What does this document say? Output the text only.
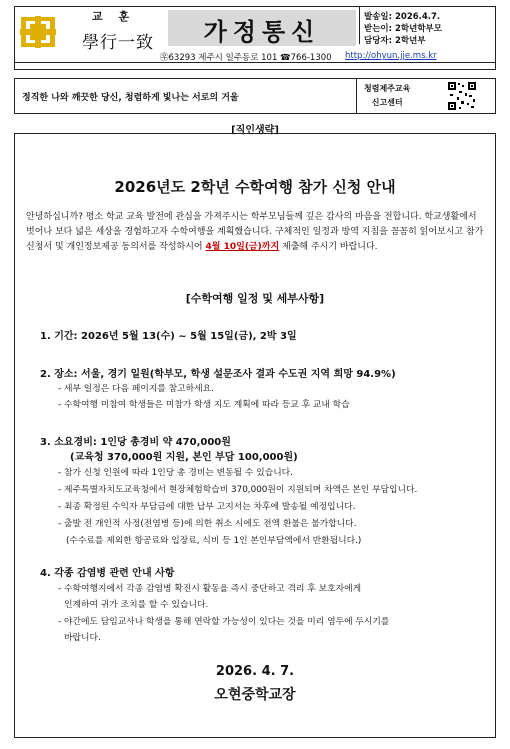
교 훈
學行一致	가정통신
발송일: 2026.4.7.
받는이: 2학년학부모
담당자: 2학년부
㉾63293 제주시 일주동로 101 ☎766-1300 http://ohyun.jje.ms.kr
정직한 나와 깨끗한 당신, 청렴하게 빛나는 서로의 거울
청렴제주교육
신고센터
[직인생략]
2026년도 2학년 수학여행 참가 신청 안내
안녕하십니까? 평소 학교 교육 발전에 관심을 가져주시는 학부모님들께 깊은 감사의 마음을 전합니다. 학교생활에서 벗어나 보다 넓은 세상을 경험하고자 수학여행을 계획했습니다. 구체적인 일정과 방역 지침을 꼼꼼히 읽어보시고 참가신청서 및 개인정보제공 동의서를 작성하시어 4월 10일(금)까지 제출해 주시기 바랍니다.
[수학여행 일정 및 세부사항]
1. 기간: 2026년 5월 13(수) ~ 5월 15일(금), 2박 3일
2. 장소: 서울, 경기 일원(학부모, 학생 설문조사 결과 수도권 지역 희망 94.9%)
- 세부 일정은 다음 페이지를 참고하세요.
- 수학여행 미참여 학생들은 미참가 학생 지도 계획에 따라 등교 후 교내 학습
3. 소요경비: 1인당 총경비 약 470,000원
(교육청 370,000원 지원, 본인 부담 100,000원)
- 참가 신청 인원에 따라 1인당 총 경비는 변동될 수 있습니다.
- 제주특별자치도교육청에서 현장체험학습비 370,000원이 지원되며 차액은 본인 부담입니다.
- 최종 확정된 수익자 부담금에 대한 납부 고지서는 차후에 발송될 예정입니다.
- 출발 전 개인적 사정(전염병 등)에 의한 취소 시에도 전액 환불은 불가합니다.
(수수료를 제외한 항공료와 입장료, 식비 등 1인 본인부담액에서 반환됩니다.)
4. 각종 감염병 관련 안내 사항
- 수학여행지에서 각종 감염병 확진시 활동을 즉시 중단하고 격리 후 보호자에게
인계하여 귀가 조치를 할 수 있습니다.
- 야간에도 담임교사나 학생을 통해 연락할 가능성이 있다는 것을 미리 염두에 두시기를
바랍니다.
2026. 4. 7.
오현중학교장
